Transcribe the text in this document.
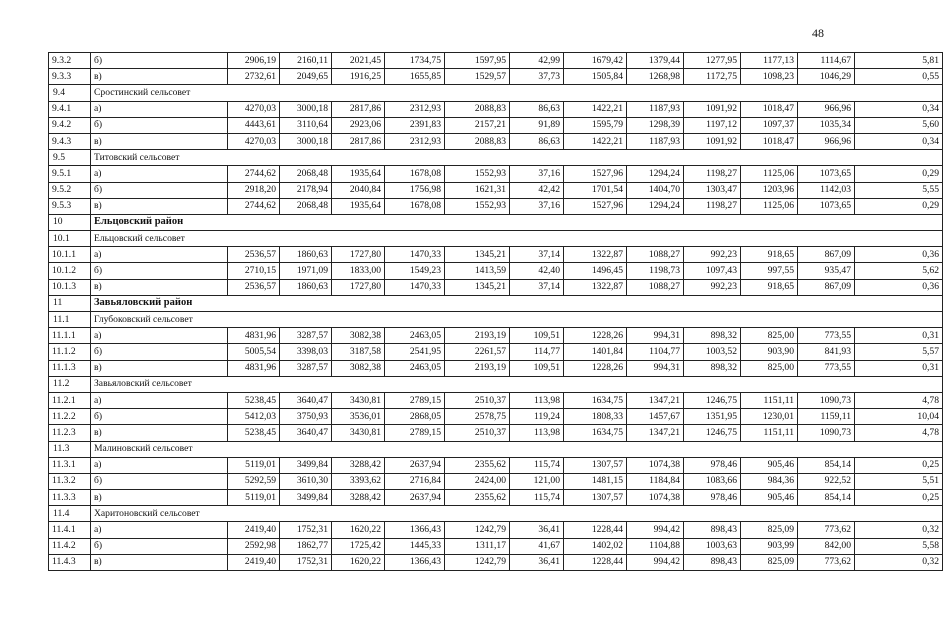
48
9.3.2	б)	2906,19	2160,11	2021,45	1734,75	1597,95	42,99	1679,42	1379,44	1277,95	1177,13	1114,67	5,81
9.3.3	в)	2732,61	2049,65	1916,25	1655,85	1529,57	37,73	1505,84	1268,98	1172,75	1098,23	1046,29	0,55
9.4	Сростинский сельсовет												
9.4.1	а)	4270,03	3000,18	2817,86	2312,93	2088,83	86,63	1422,21	1187,93	1091,92	1018,47	966,96	0,34
9.4.2	б)	4443,61	3110,64	2923,06	2391,83	2157,21	91,89	1595,79	1298,39	1197,12	1097,37	1035,34	5,60
9.4.3	в)	4270,03	3000,18	2817,86	2312,93	2088,83	86,63	1422,21	1187,93	1091,92	1018,47	966,96	0,34
9.5	Титовский сельсовет												
9.5.1	а)	2744,62	2068,48	1935,64	1678,08	1552,93	37,16	1527,96	1294,24	1198,27	1125,06	1073,65	0,29
9.5.2	б)	2918,20	2178,94	2040,84	1756,98	1621,31	42,42	1701,54	1404,70	1303,47	1203,96	1142,03	5,55
9.5.3	в)	2744,62	2068,48	1935,64	1678,08	1552,93	37,16	1527,96	1294,24	1198,27	1125,06	1073,65	0,29
10	Ельцовский район												
10.1	Ельцовский сельсовет												
10.1.1	а)	2536,57	1860,63	1727,80	1470,33	1345,21	37,14	1322,87	1088,27	992,23	918,65	867,09	0,36
10.1.2	б)	2710,15	1971,09	1833,00	1549,23	1413,59	42,40	1496,45	1198,73	1097,43	997,55	935,47	5,62
10.1.3	в)	2536,57	1860,63	1727,80	1470,33	1345,21	37,14	1322,87	1088,27	992,23	918,65	867,09	0,36
11	Завьяловский район												
11.1	Глубоковский сельсовет												
11.1.1	а)	4831,96	3287,57	3082,38	2463,05	2193,19	109,51	1228,26	994,31	898,32	825,00	773,55	0,31
11.1.2	б)	5005,54	3398,03	3187,58	2541,95	2261,57	114,77	1401,84	1104,77	1003,52	903,90	841,93	5,57
11.1.3	в)	4831,96	3287,57	3082,38	2463,05	2193,19	109,51	1228,26	994,31	898,32	825,00	773,55	0,31
11.2	Завьяловский сельсовет												
11.2.1	а)	5238,45	3640,47	3430,81	2789,15	2510,37	113,98	1634,75	1347,21	1246,75	1151,11	1090,73	4,78
11.2.2	б)	5412,03	3750,93	3536,01	2868,05	2578,75	119,24	1808,33	1457,67	1351,95	1230,01	1159,11	10,04
11.2.3	в)	5238,45	3640,47	3430,81	2789,15	2510,37	113,98	1634,75	1347,21	1246,75	1151,11	1090,73	4,78
11.3	Малиновский сельсовет												
11.3.1	а)	5119,01	3499,84	3288,42	2637,94	2355,62	115,74	1307,57	1074,38	978,46	905,46	854,14	0,25
11.3.2	б)	5292,59	3610,30	3393,62	2716,84	2424,00	121,00	1481,15	1184,84	1083,66	984,36	922,52	5,51
11.3.3	в)	5119,01	3499,84	3288,42	2637,94	2355,62	115,74	1307,57	1074,38	978,46	905,46	854,14	0,25
11.4	Харитоновский сельсовет												
11.4.1	а)	2419,40	1752,31	1620,22	1366,43	1242,79	36,41	1228,44	994,42	898,43	825,09	773,62	0,32
11.4.2	б)	2592,98	1862,77	1725,42	1445,33	1311,17	41,67	1402,02	1104,88	1003,63	903,99	842,00	5,58
11.4.3	в)	2419,40	1752,31	1620,22	1366,43	1242,79	36,41	1228,44	994,42	898,43	825,09	773,62	0,32
